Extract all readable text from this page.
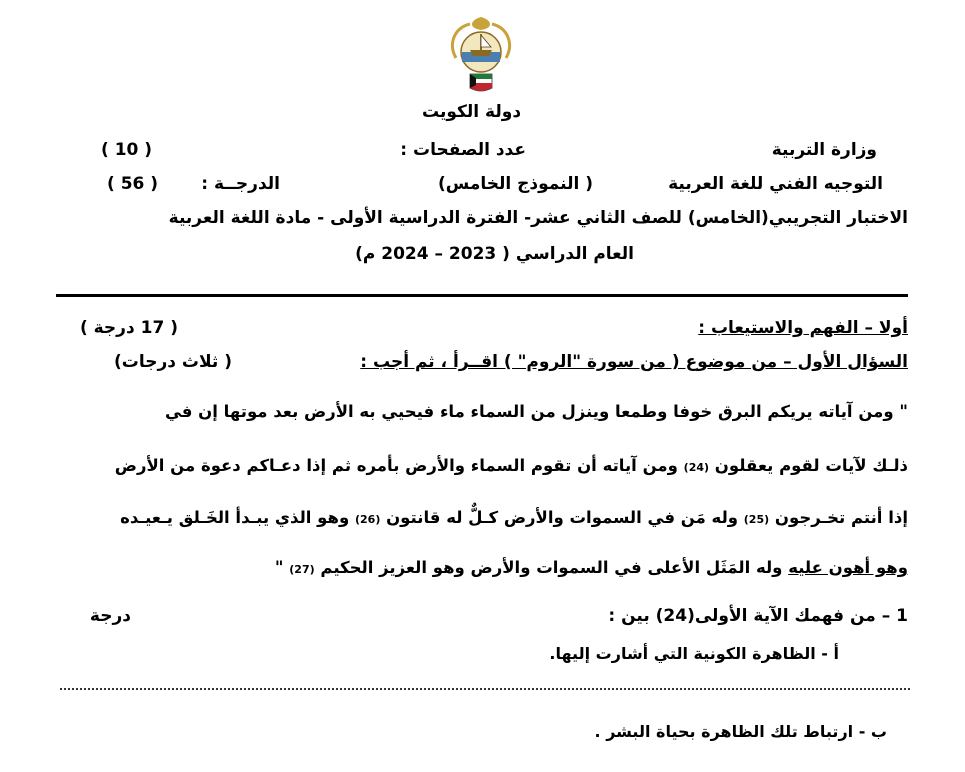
دولة الكويت
وزارة التربية
عدد الصفحات :
( 10 )
التوجيه الفني للغة العربية
( النموذج الخامس)
الدرجــة :
( 56 )
الاختبار التجريبي(الخامس) للصف الثاني عشر- الفترة الدراسية الأولى - مادة اللغة العربية
العام الدراسي ( 2023 – 2024 م)
أولا – الفهم والاستيعاب :
( 17 درجة )
السؤال الأول – من موضوع ( من سورة "الروم" ) اقــرأ ، ثم أجب :
( ثلاث درجات)
" ومن آياته يريكم البرق خوفا وطمعا وينزل من السماء ماء فيحيي به الأرض بعد موتها إن في
ذلـك لآيات لقوم يعقلون (24) ومن آياته أن تقوم السماء والأرض بأمره ثم إذا دعـاكم دعوة من الأرض
إذا أنتم تخـرجون (25) وله مَن في السموات والأرض كـلٌّ له قانتون (26) وهو الذي يبـدأ الخَـلق يـعيـده
وهو أهون عليه وله المَثَل الأعلى في السموات والأرض وهو العزيز الحكيم (27) "
1 – من فهمك الآية الأولى(24) بين :
درجة
أ - الظاهرة الكونية التي أشارت إليها.
ب - ارتباط تلك الظاهرة بحياة البشر .
